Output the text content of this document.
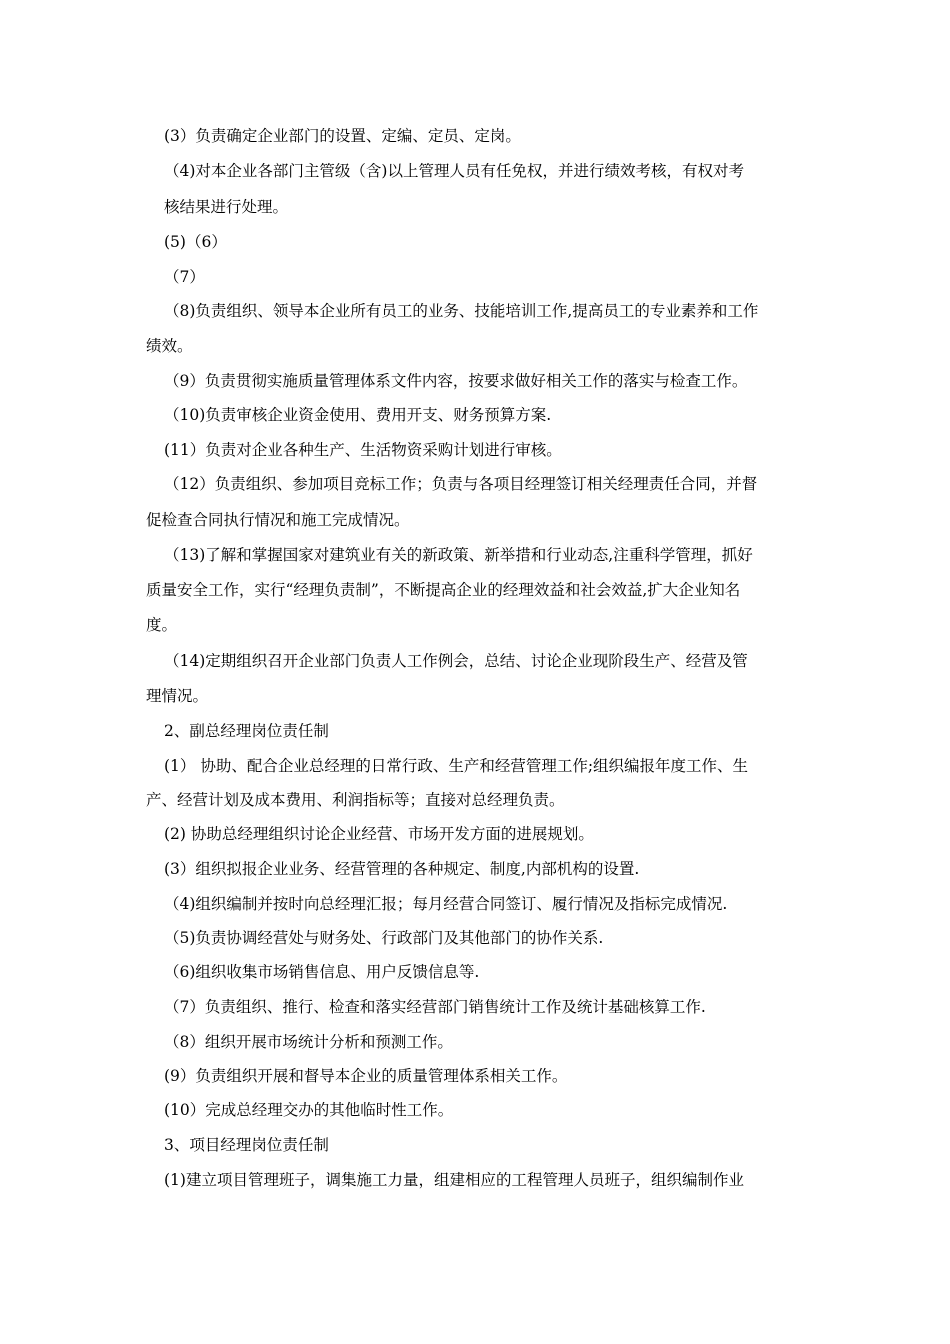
(3）负责确定企业部门的设置、定编、定员、定岗。

（4)对本企业各部门主管级（含)以上管理人员有任免权，并进行绩效考核，有权对考

核结果进行处理。

(5)（6）

（7）

（8)负责组织、领导本企业所有员工的业务、技能培训工作,提高员工的专业素养和工作

绩效。

（9）负责贯彻实施质量管理体系文件内容，按要求做好相关工作的落实与检查工作。

（10)负责审核企业资金使用、费用开支、财务预算方案.

(11）负责对企业各种生产、生活物资采购计划进行审核。

（12）负责组织、参加项目竞标工作；负责与各项目经理签订相关经理责任合同，并督

促检查合同执行情况和施工完成情况。

（13)了解和掌握国家对建筑业有关的新政策、新举措和行业动态,注重科学管理，抓好

质量安全工作，实行“经理负责制”，不断提高企业的经理效益和社会效益,扩大企业知名

度。

（14)定期组织召开企业部门负责人工作例会，总结、讨论企业现阶段生产、经营及管

理情况。

2、副总经理岗位责任制

(1） 协助、配合企业总经理的日常行政、生产和经营管理工作;组织编报年度工作、生

产、经营计划及成本费用、利润指标等；直接对总经理负责。

(2) 协助总经理组织讨论企业经营、市场开发方面的进展规划。

(3）组织拟报企业业务、经营管理的各种规定、制度,内部机构的设置.

（4)组织编制并按时向总经理汇报；每月经营合同签订、履行情况及指标完成情况.

（5)负责协调经营处与财务处、行政部门及其他部门的协作关系.

（6)组织收集市场销售信息、用户反馈信息等.

（7）负责组织、推行、检查和落实经营部门销售统计工作及统计基础核算工作.

（8）组织开展市场统计分析和预测工作。

(9）负责组织开展和督导本企业的质量管理体系相关工作。

(10）完成总经理交办的其他临时性工作。

3、项目经理岗位责任制

(1)建立项目管理班子，调集施工力量，组建相应的工程管理人员班子，组织编制作业
